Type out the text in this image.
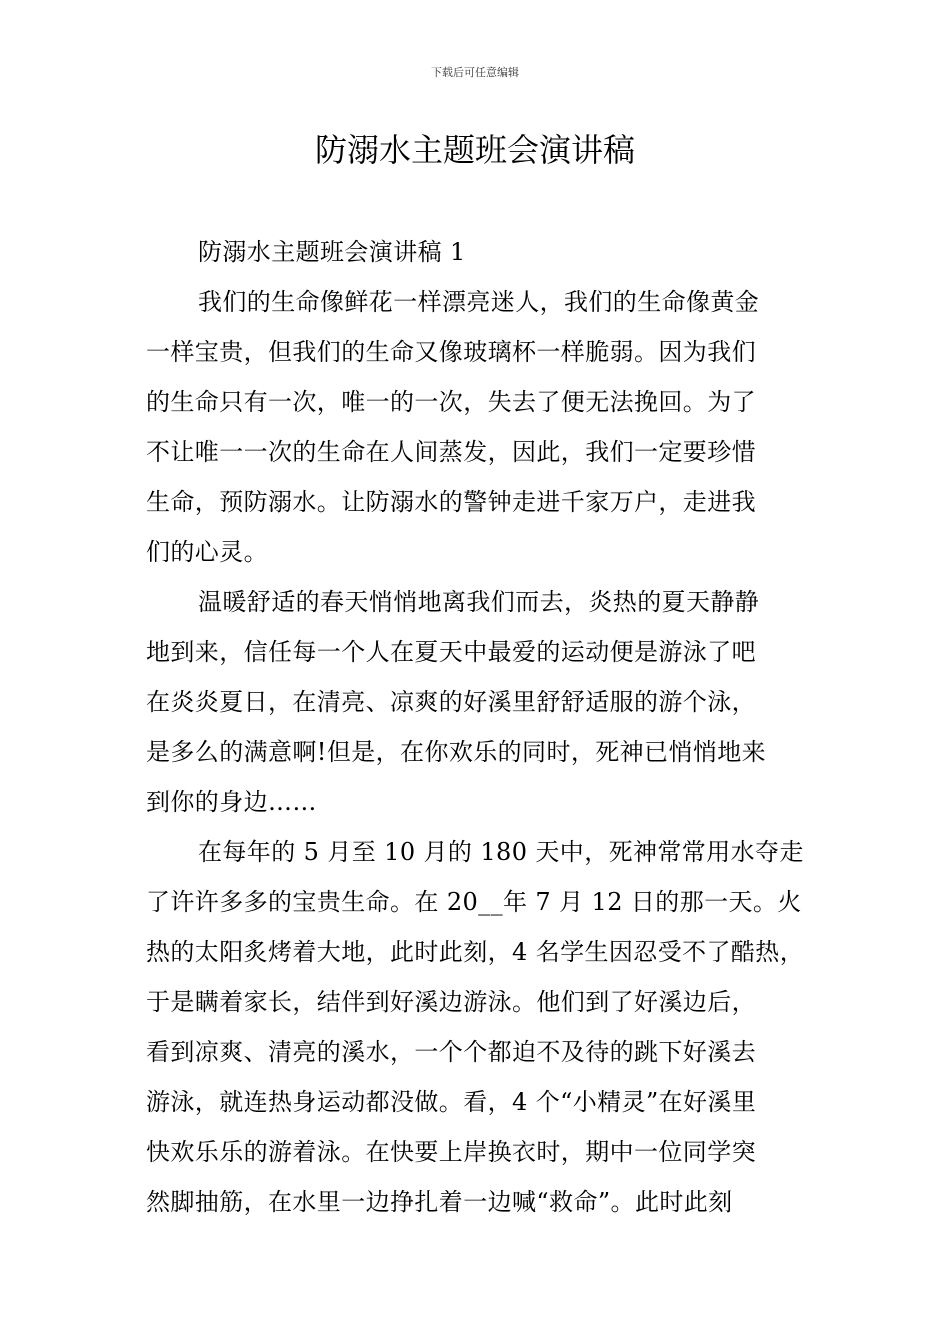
下载后可任意编辑
防溺水主题班会演讲稿
防溺水主题班会演讲稿 1
我们的生命像鲜花一样漂亮迷人，我们的生命像黄金
一样宝贵，但我们的生命又像玻璃杯一样脆弱。因为我们
的生命只有一次，唯一的一次，失去了便无法挽回。为了
不让唯一一次的生命在人间蒸发，因此，我们一定要珍惜
生命，预防溺水。让防溺水的警钟走进千家万户，走进我
们的心灵。
温暖舒适的春天悄悄地离我们而去，炎热的夏天静静
地到来，信任每一个人在夏天中最爱的运动便是游泳了吧
在炎炎夏日，在清亮、凉爽的好溪里舒舒适服的游个泳，
是多么的满意啊!但是，在你欢乐的同时，死神已悄悄地来
到你的身边……
在每年的 5 月至 10 月的 180 天中，死神常常用水夺走
了许许多多的宝贵生命。在 20__年 7 月 12 日的那一天。火
热的太阳炙烤着大地，此时此刻，4 名学生因忍受不了酷热，
于是瞒着家长，结伴到好溪边游泳。他们到了好溪边后，
看到凉爽、清亮的溪水，一个个都迫不及待的跳下好溪去
游泳，就连热身运动都没做。看，4 个“小精灵”在好溪里
快欢乐乐的游着泳。在快要上岸换衣时，期中一位同学突
然脚抽筋，在水里一边挣扎着一边喊“救命”。此时此刻
